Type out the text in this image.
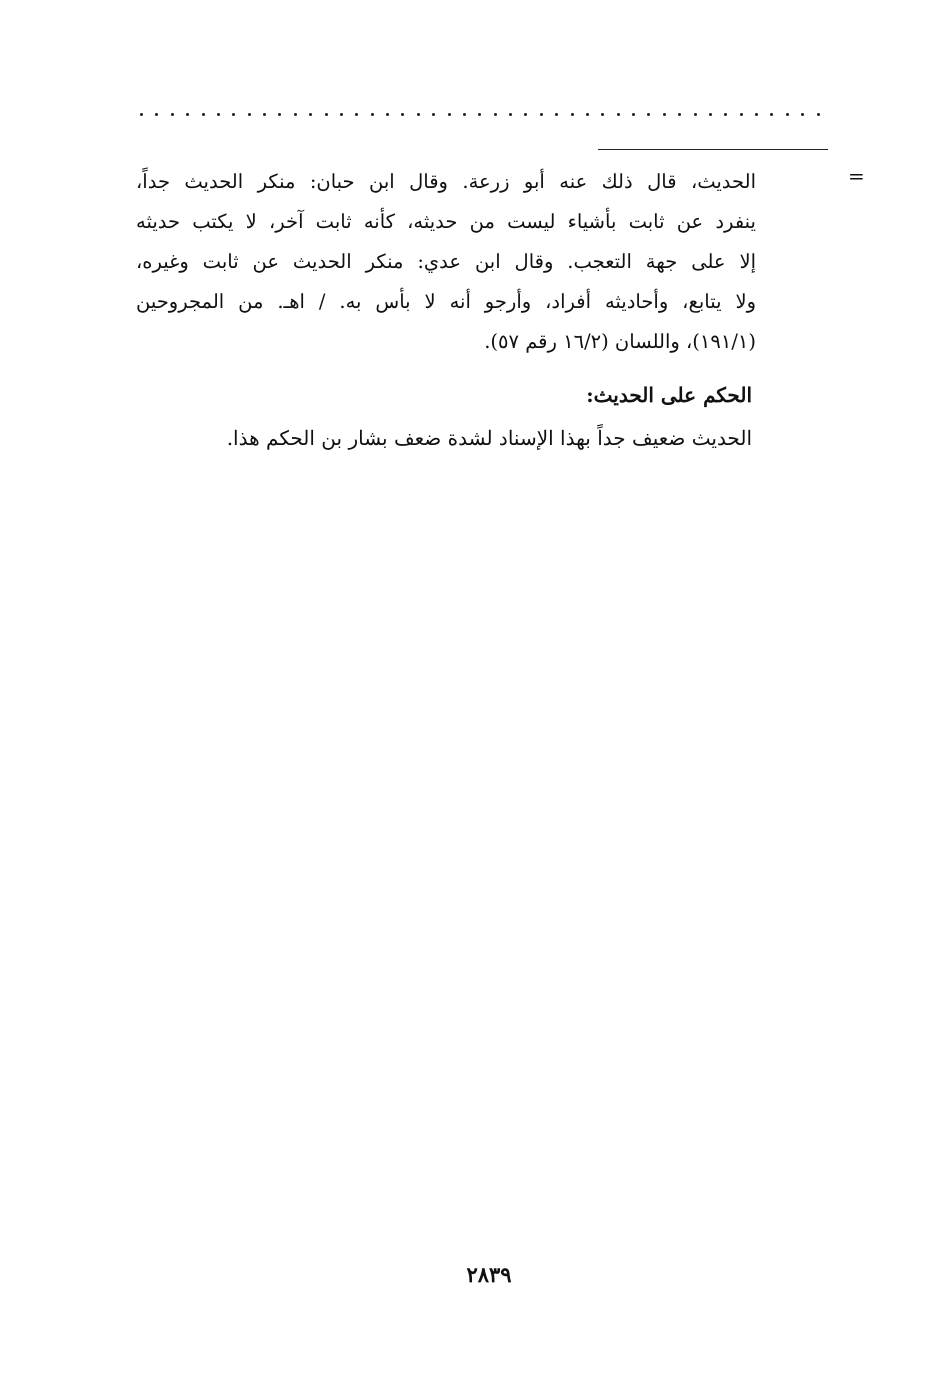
=
الحديث، قال ذلك عنه أبو زرعة. وقال ابن حبان: منكر الحديث جداً،
ينفرد عن ثابت بأشياء ليست من حديثه، كأنه ثابت آخر، لا يكتب حديثه
إلا على جهة التعجب. وقال ابن عدي: منكر الحديث عن ثابت وغيره،
ولا يتابع، وأحاديثه أفراد، وأرجو أنه لا بأس به. / اهـ. من المجروحين
(١٩١/١)، واللسان (١٦/٢ رقم ٥٧).
الحكم على الحديث:
الحديث ضعيف جداً بهذا الإسناد لشدة ضعف بشار بن الحكم هذا.
٢٨٣٩
